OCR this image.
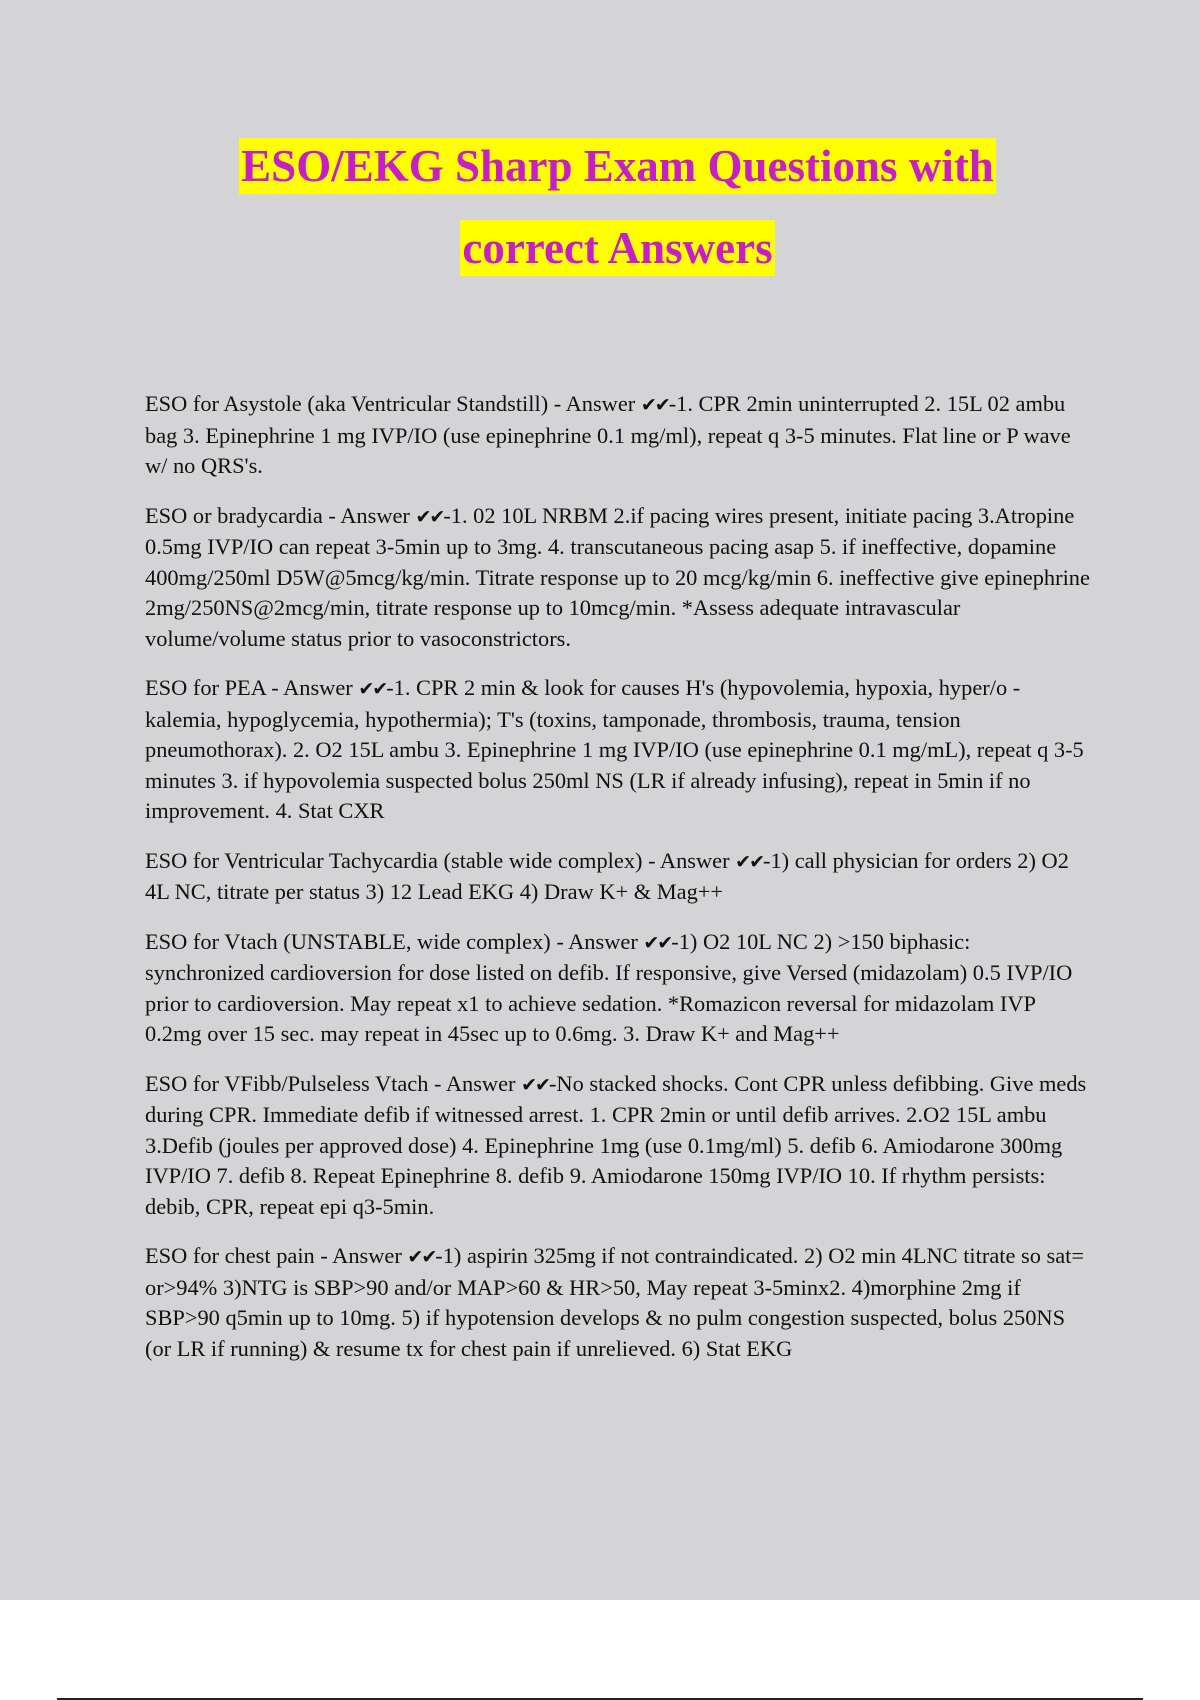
ESO/EKG Sharp Exam Questions with
correct Answers

ESO for Asystole (aka Ventricular Standstill) - Answer ✔✔-1. CPR 2min uninterrupted 2. 15L 02 ambu bag 3. Epinephrine 1 mg IVP/IO (use epinephrine 0.1 mg/ml), repeat q 3-5 minutes. Flat line or P wave w/ no QRS's.

ESO or bradycardia - Answer ✔✔-1. 02 10L NRBM 2.if pacing wires present, initiate pacing 3.Atropine 0.5mg IVP/IO can repeat 3-5min up to 3mg. 4. transcutaneous pacing asap 5. if ineffective, dopamine 400mg/250ml D5W@5mcg/kg/min. Titrate response up to 20 mcg/kg/min 6. ineffective give epinephrine 2mg/250NS@2mcg/min, titrate response up to 10mcg/min. *Assess adequate intravascular volume/volume status prior to vasoconstrictors.

ESO for PEA - Answer ✔✔-1. CPR 2 min & look for causes H's (hypovolemia, hypoxia, hyper/o -kalemia, hypoglycemia, hypothermia); T's (toxins, tamponade, thrombosis, trauma, tension pneumothorax). 2. O2 15L ambu 3. Epinephrine 1 mg IVP/IO (use epinephrine 0.1 mg/mL), repeat q 3-5 minutes 3. if hypovolemia suspected bolus 250ml NS (LR if already infusing), repeat in 5min if no improvement. 4. Stat CXR

ESO for Ventricular Tachycardia (stable wide complex) - Answer ✔✔-1) call physician for orders 2) O2 4L NC, titrate per status 3) 12 Lead EKG 4) Draw K+ & Mag++

ESO for Vtach (UNSTABLE, wide complex) - Answer ✔✔-1) O2 10L NC 2) >150 biphasic: synchronized cardioversion for dose listed on defib. If responsive, give Versed (midazolam) 0.5 IVP/IO prior to cardioversion. May repeat x1 to achieve sedation. *Romazicon reversal for midazolam IVP 0.2mg over 15 sec. may repeat in 45sec up to 0.6mg. 3. Draw K+ and Mag++

ESO for VFibb/Pulseless Vtach - Answer ✔✔-No stacked shocks. Cont CPR unless defibbing. Give meds during CPR. Immediate defib if witnessed arrest. 1. CPR 2min or until defib arrives. 2.O2 15L ambu 3.Defib (joules per approved dose) 4. Epinephrine 1mg (use 0.1mg/ml) 5. defib 6. Amiodarone 300mg IVP/IO 7. defib 8. Repeat Epinephrine 8. defib 9. Amiodarone 150mg IVP/IO 10. If rhythm persists: debib, CPR, repeat epi q3-5min.

ESO for chest pain - Answer ✔✔-1) aspirin 325mg if not contraindicated. 2) O2 min 4LNC titrate so sat= or>94% 3)NTG is SBP>90 and/or MAP>60 & HR>50, May repeat 3-5minx2. 4)morphine 2mg if SBP>90 q5min up to 10mg. 5) if hypotension develops & no pulm congestion suspected, bolus 250NS (or LR if running) & resume tx for chest pain if unrelieved. 6) Stat EKG
